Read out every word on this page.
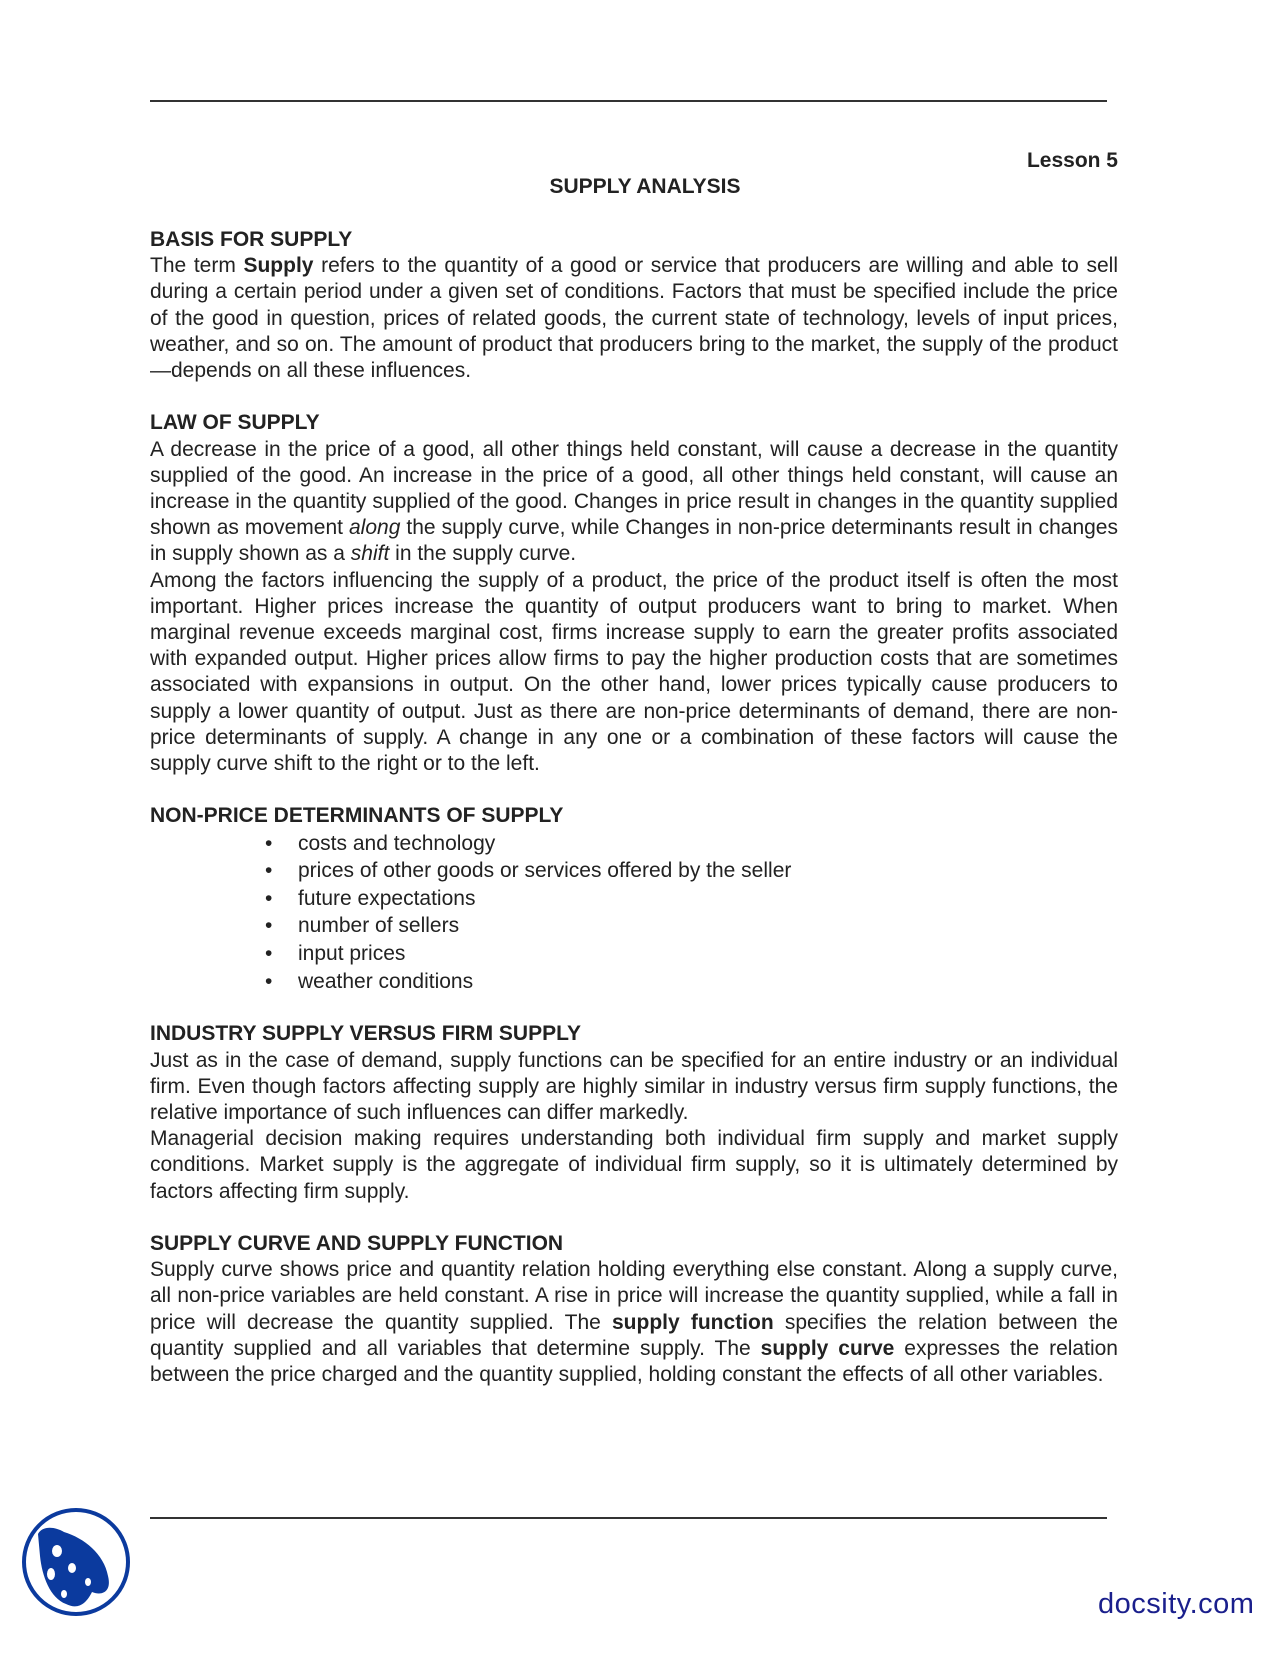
Lesson 5
SUPPLY ANALYSIS
BASIS FOR SUPPLY

The term Supply refers to the quantity of a good or service that producers are willing and able to sell during a certain period under a given set of conditions. Factors that must be specified include the price of the good in question, prices of related goods, the current state of technology, levels of input prices, weather, and so on. The amount of product that producers bring to the market, the supply of the product—depends on all these influences.

LAW OF SUPPLY

A decrease in the price of a good, all other things held constant, will cause a decrease in the quantity supplied of the good. An increase in the price of a good, all other things held constant, will cause an increase in the quantity supplied of the good. Changes in price result in changes in the quantity supplied shown as movement along the supply curve, while Changes in non-price determinants result in changes in supply shown as a shift in the supply curve.

Among the factors influencing the supply of a product, the price of the product itself is often the most important. Higher prices increase the quantity of output producers want to bring to market. When marginal revenue exceeds marginal cost, firms increase supply to earn the greater profits associated with expanded output. Higher prices allow firms to pay the higher production costs that are sometimes associated with expansions in output. On the other hand, lower prices typically cause producers to supply a lower quantity of output. Just as there are non-price determinants of demand, there are non-price determinants of supply. A change in any one or a combination of these factors will cause the supply curve shift to the right or to the left.

NON-PRICE DETERMINANTS OF SUPPLY
• costs and technology
• prices of other goods or services offered by the seller
• future expectations
• number of sellers
• input prices
• weather conditions
INDUSTRY SUPPLY VERSUS FIRM SUPPLY

Just as in the case of demand, supply functions can be specified for an entire industry or an individual firm. Even though factors affecting supply are highly similar in industry versus firm supply functions, the relative importance of such influences can differ markedly.

Managerial decision making requires understanding both individual firm supply and market supply conditions. Market supply is the aggregate of individual firm supply, so it is ultimately determined by factors affecting firm supply.

SUPPLY CURVE AND SUPPLY FUNCTION

Supply curve shows price and quantity relation holding everything else constant. Along a supply curve, all non-price variables are held constant. A rise in price will increase the quantity supplied, while a fall in price will decrease the quantity supplied. The supply function specifies the relation between the quantity supplied and all variables that determine supply. The supply curve expresses the relation between the price charged and the quantity supplied, holding constant the effects of all other variables.

docsity.com
